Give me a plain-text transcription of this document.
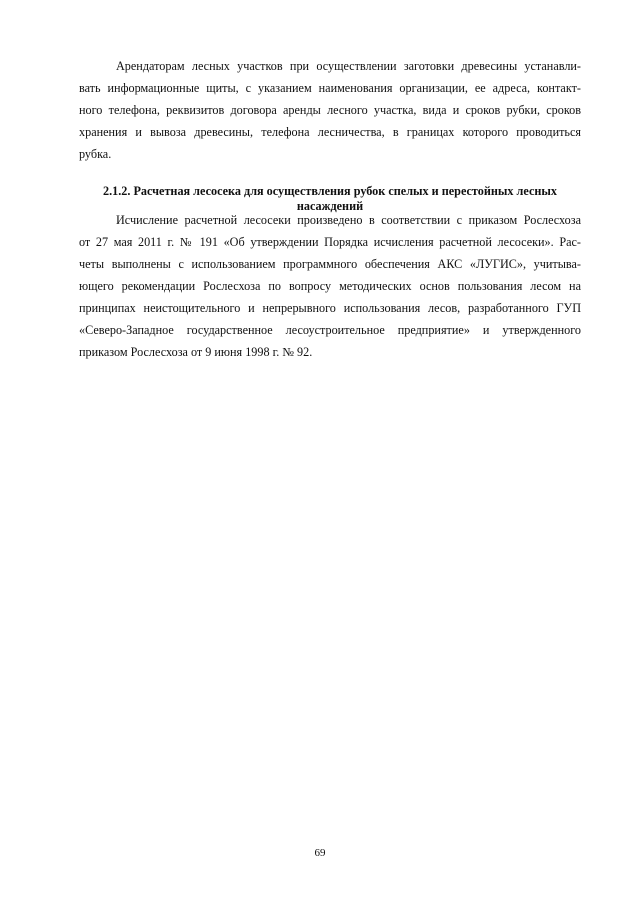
Арендаторам лесных участков при осуществлении заготовки древесины устанавли-
вать информационные щиты, с указанием наименования организации, ее адреса, контакт-
ного телефона, реквизитов договора аренды лесного участка, вида и сроков рубки, сроков
хранения и вывоза древесины, телефона лесничества, в границах которого проводиться
рубка.

2.1.2. Расчетная лесосека для осуществления рубок спелых и перестойных лесных
насаждений

Исчисление расчетной лесосеки произведено в соответствии с приказом Рослесхоза
от 27 мая 2011 г. № 191 «Об утверждении Порядка исчисления расчетной лесосеки». Рас-
четы выполнены с использованием программного обеспечения АКС «ЛУГИС», учитыва-
ющего рекомендации Рослесхоза по вопросу методических основ пользования лесом на
принципах неистощительного и непрерывного использования лесов, разработанного ГУП
«Северо-Западное государственное лесоустроительное предприятие» и утвержденного
приказом Рослесхоза от 9 июня 1998 г. № 92.

69
